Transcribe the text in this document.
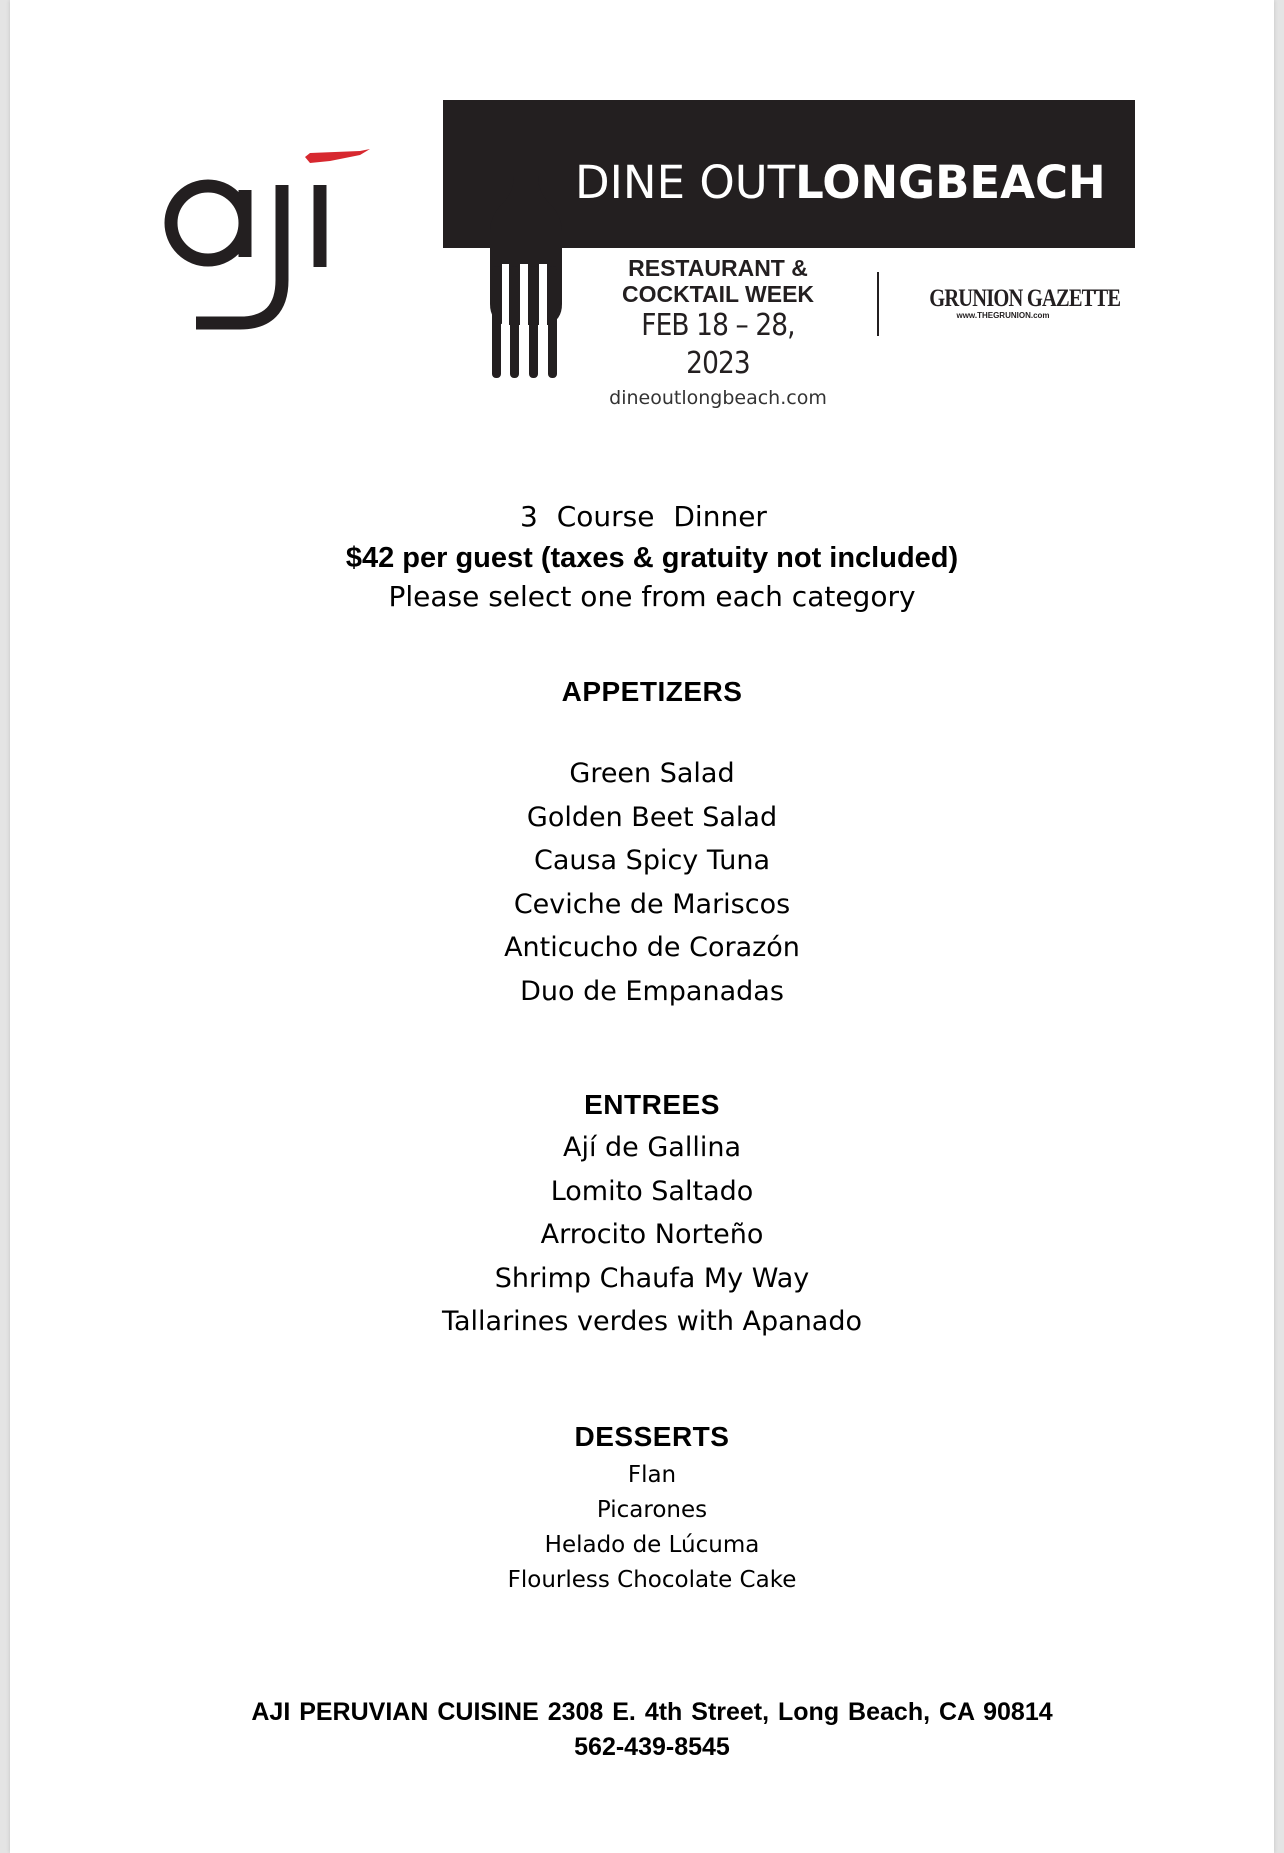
DINE OUTLONGBEACH
RESTAURANT &
COCKTAIL WEEK
FEB 18 – 28, 2023
dineoutlongbeach.com
GRUNION GAZETTE
www.THEGRUNION.com
3 Course Dinner
$42 per guest (taxes & gratuity not included)
Please select one from each category
APPETIZERS
Green Salad
Golden Beet Salad
Causa Spicy Tuna
Ceviche de Mariscos
Anticucho de Corazón
Duo de Empanadas
ENTREES
Ají de Gallina
Lomito Saltado
Arrocito Norteño
Shrimp Chaufa My Way
Tallarines verdes with Apanado
DESSERTS
Flan
Picarones
Helado de Lúcuma
Flourless Chocolate Cake
AJI PERUVIAN CUISINE 2308 E. 4th Street, Long Beach, CA 90814
562-439-8545
